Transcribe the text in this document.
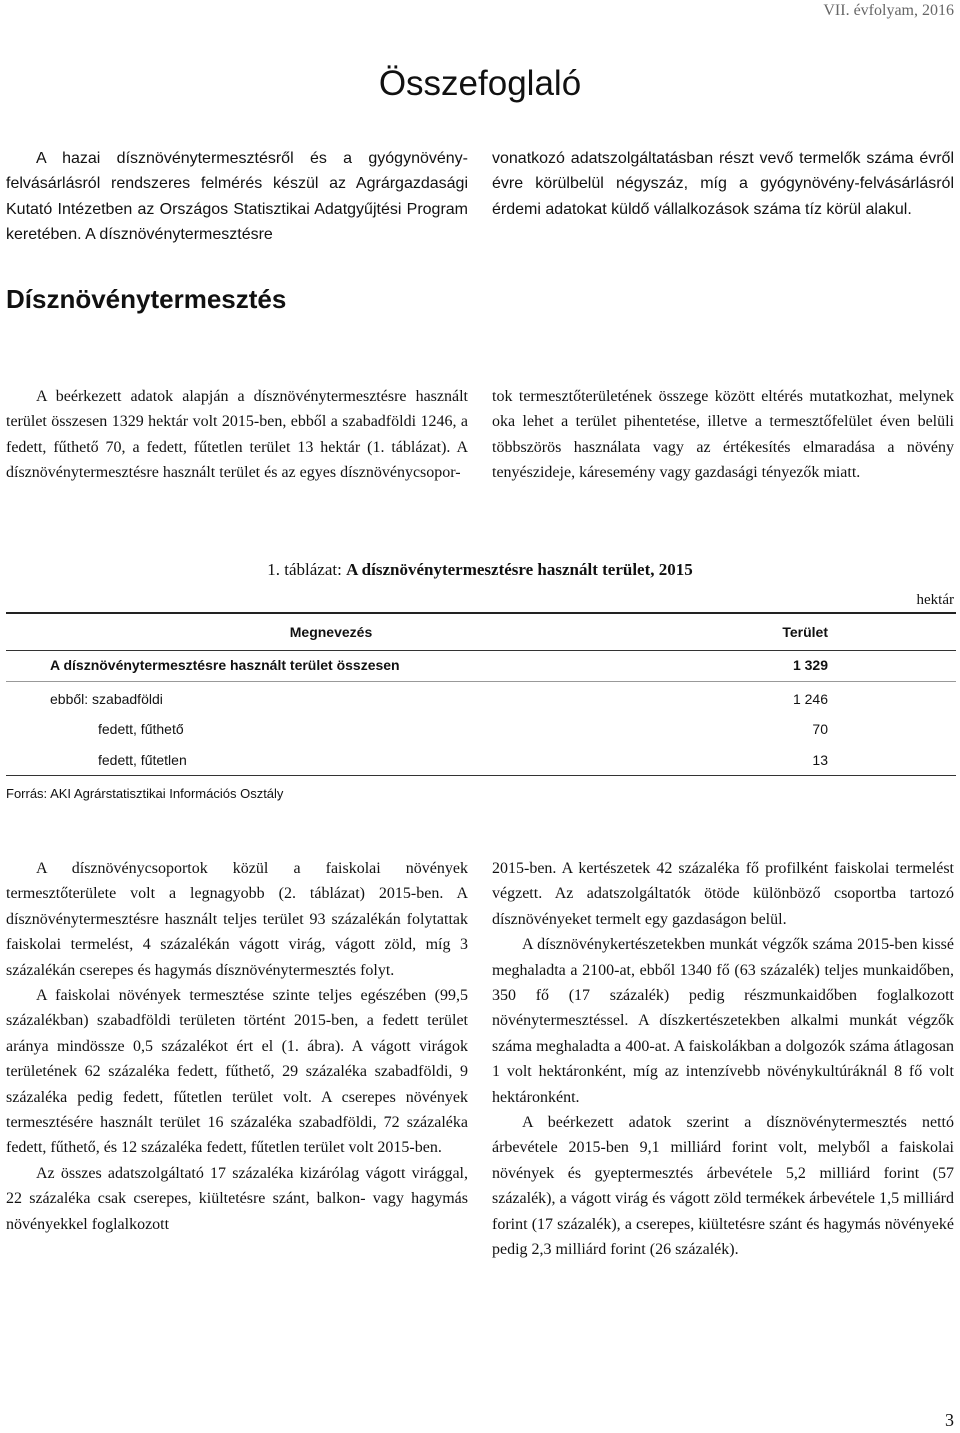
VII. évfolyam, 2016
Összefoglaló

A hazai dísznövénytermesztésről és a gyógynövény-felvásárlásról rendszeres felmérés készül az Agrárgazdasági Kutató Intézetben az Országos Statisztikai Adatgyűjtési Program keretében. A dísznövénytermesztésre

vonatkozó adatszolgáltatásban részt vevő termelők száma évről évre körülbelül négyszáz, míg a gyógynövény-felvásárlásról érdemi adatokat küldő vállalkozások száma tíz körül alakul.

Dísznövénytermesztés

A beérkezett adatok alapján a dísznövénytermesztésre használt terület összesen 1329 hektár volt 2015-ben, ebből a szabadföldi 1246, a fedett, fűthető 70, a fedett, fűtetlen terület 13 hektár (1. táblázat). A dísznövénytermesztésre használt terület és az egyes dísznövénycsopor-

tok termesztőterületének összege között eltérés mutatkozhat, melynek oka lehet a terület pihentetése, illetve a termesztőfelület éven belüli többszörös használata vagy az értékesítés elmaradása a növény tenyészideje, káresemény vagy gazdasági tényezők miatt.

1. táblázat: A dísznövénytermesztésre használt terület, 2015
hektár
Megnevezés	Terület
A dísznövénytermesztésre használt terület összesen	1 329
ebből: szabadföldi	1 246
fedett, fűthető	70
fedett, fűtetlen	13
Forrás: AKI Agrárstatisztikai Információs Osztály

A dísznövénycsoportok közül a faiskolai növények termesztőterülete volt a legnagyobb (2. táblázat) 2015-ben. A dísznövénytermesztésre használt teljes terület 93 százalékán folytattak faiskolai termelést, 4 százalékán vágott virág, vágott zöld, míg 3 százalékán cserepes és hagymás dísznövénytermesztés folyt.

A faiskolai növények termesztése szinte teljes egészében (99,5 százalékban) szabadföldi területen történt 2015-ben, a fedett terület aránya mindössze 0,5 százalékot ért el (1. ábra). A vágott virágok területének 62 százaléka fedett, fűthető, 29 százaléka szabadföldi, 9 százaléka pedig fedett, fűtetlen terület volt. A cserepes növények termesztésére használt terület 16 százaléka szabadföldi, 72 százaléka fedett, fűthető, és 12 százaléka fedett, fűtetlen terület volt 2015-ben.

Az összes adatszolgáltató 17 százaléka kizárólag vágott virággal, 22 százaléka csak cserepes, kiültetésre szánt, balkon- vagy hagymás növényekkel foglalkozott

2015-ben. A kertészetek 42 százaléka fő profilként faiskolai termelést végzett. Az adatszolgáltatók ötöde különböző csoportba tartozó dísznövényeket termelt egy gazdaságon belül.

A dísznövénykertészetekben munkát végzők száma 2015-ben kissé meghaladta a 2100-at, ebből 1340 fő (63 százalék) teljes munkaidőben, 350 fő (17 százalék) pedig részmunkaidőben foglalkozott növénytermesztéssel. A díszkertészetekben alkalmi munkát végzők száma meghaladta a 400-at. A faiskolákban a dolgozók száma átlagosan 1 volt hektáronként, míg az intenzívebb növénykultúráknál 8 fő volt hektáronként.

A beérkezett adatok szerint a dísznövénytermesztés nettó árbevétele 2015-ben 9,1 milliárd forint volt, melyből a faiskolai növények és gyeptermesztés árbevétele 5,2 milliárd forint (57 százalék), a vágott virág és vágott zöld termékek árbevétele 1,5 milliárd forint (17 százalék), a cserepes, kiültetésre szánt és hagymás növényeké pedig 2,3 milliárd forint (26 százalék).

3
